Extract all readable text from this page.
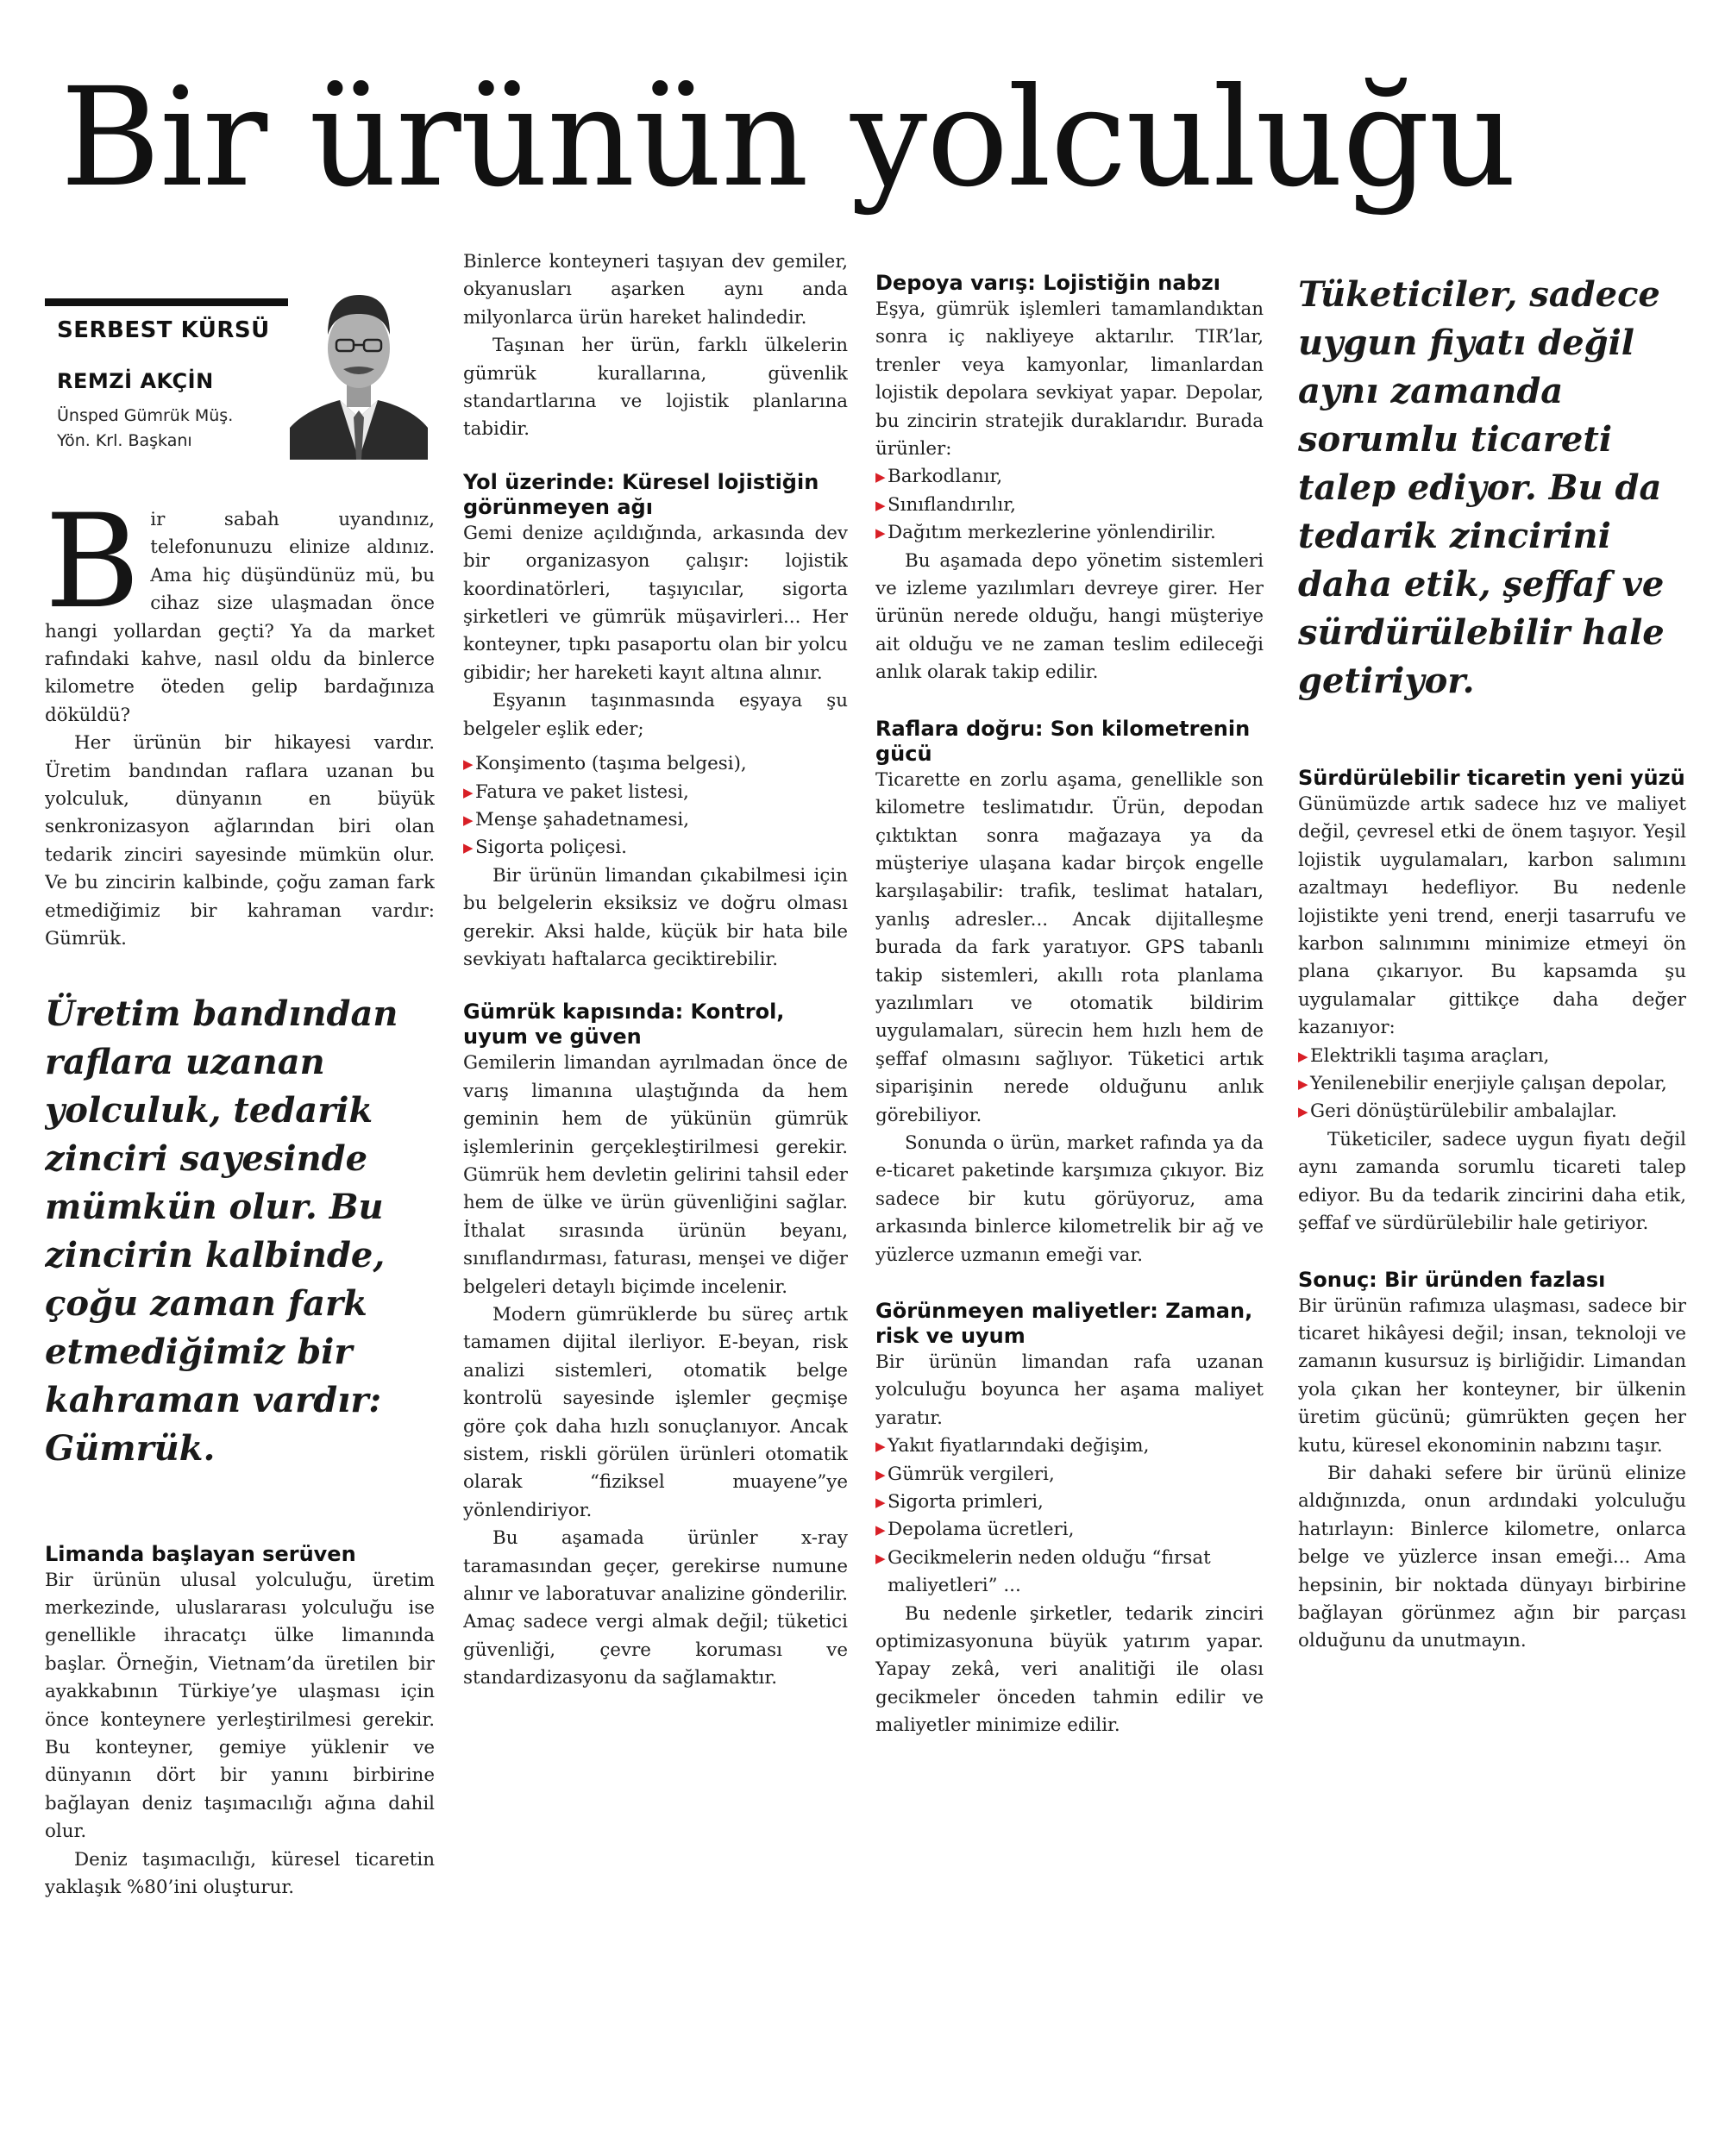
Bir ürünün yolculuğu
SERBEST KÜRSÜ
REMZİ AKÇİN
Ünsped Gümrük Müş.
Yön. Krl. Başkanı

Bir sabah uyandınız, telefonunuzu elinize aldınız. Ama hiç düşündünüz mü, bu cihaz size ulaşmadan önce hangi yollardan geçti? Ya da market rafındaki kahve, nasıl oldu da binlerce kilometre öteden gelip bardağınıza döküldü?

Her ürünün bir hikayesi vardır. Üretim bandından raflara uzanan bu yolculuk, dünyanın en büyük senkronizasyon ağlarından biri olan tedarik zinciri sayesinde mümkün olur. Ve bu zincirin kalbinde, çoğu zaman fark etmediğimiz bir kahraman vardır: Gümrük.

Üretim bandından raflara uzanan yolculuk, tedarik zinciri sayesinde mümkün olur. Bu zincirin kalbinde, çoğu zaman fark etmediğimiz bir kahraman vardır: Gümrük.
Limanda başlayan serüven

Bir ürünün ulusal yolculuğu, üretim merkezinde, uluslararası yolculuğu ise genellikle ihracatçı ülke limanında başlar. Örneğin, Vietnam’da üretilen bir ayakkabının Türkiye’ye ulaşması için önce konteynere yerleştirilmesi gerekir. Bu konteyner, gemiye yüklenir ve dünyanın dört bir yanını birbirine bağlayan deniz taşımacılığı ağına dahil olur.

Deniz taşımacılığı, küresel ticaretin yaklaşık %80’ini oluşturur.

Binlerce konteyneri taşıyan dev gemiler, okyanusları aşarken aynı anda milyonlarca ürün hareket halindedir.

Taşınan her ürün, farklı ülkelerin gümrük kurallarına, güvenlik standartlarına ve lojistik planlarına tabidir.

Yol üzerinde: Küresel lojistiğin görünmeyen ağı

Gemi denize açıldığında, arkasında dev bir organizasyon çalışır: lojistik koordinatörleri, taşıyıcılar, sigorta şirketleri ve gümrük müşavirleri... Her konteyner, tıpkı pasaportu olan bir yolcu gibidir; her hareketi kayıt altına alınır.

Eşyanın taşınmasında eşyaya şu belgeler eşlik eder;

▶ Konşimento (taşıma belgesi),
▶ Fatura ve paket listesi,
▶ Menşe şahadetnamesi,
▶ Sigorta poliçesi.

Bir ürünün limandan çıkabilmesi için bu belgelerin eksiksiz ve doğru olması gerekir. Aksi halde, küçük bir hata bile sevkiyatı haftalarca geciktirebilir.

Gümrük kapısında: Kontrol, uyum ve güven

Gemilerin limandan ayrılmadan önce de varış limanına ulaştığında da hem geminin hem de yükünün gümrük işlemlerinin gerçekleştirilmesi gerekir. Gümrük hem devletin gelirini tahsil eder hem de ülke ve ürün güvenliğini sağlar. İthalat sırasında ürünün beyanı, sınıflandırması, faturası, menşei ve diğer belgeleri detaylı biçimde incelenir.

Modern gümrüklerde bu süreç artık tamamen dijital ilerliyor. E-beyan, risk analizi sistemleri, otomatik belge kontrolü sayesinde işlemler geçmişe göre çok daha hızlı sonuçlanıyor. Ancak sistem, riskli görülen ürünleri otomatik olarak “fiziksel muayene”ye yönlendiriyor.

Bu aşamada ürünler x-ray taramasından geçer, gerekirse numune alınır ve laboratuvar analizine gönderilir. Amaç sadece vergi almak değil; tüketici güvenliği, çevre koruması ve standardizasyonu da sağlamaktır.

Depoya varış: Lojistiğin nabzı

Eşya, gümrük işlemleri tamamlandıktan sonra iç nakliyeye aktarılır. TIR’lar, trenler veya kamyonlar, limanlardan lojistik depolara sevkiyat yapar. Depolar, bu zincirin stratejik duraklarıdır. Burada ürünler:

▶ Barkodlanır,
▶ Sınıflandırılır,
▶ Dağıtım merkezlerine yönlendirilir.

Bu aşamada depo yönetim sistemleri ve izleme yazılımları devreye girer. Her ürünün nerede olduğu, hangi müşteriye ait olduğu ve ne zaman teslim edileceği anlık olarak takip edilir.

Raflara doğru: Son kilometrenin gücü

Ticarette en zorlu aşama, genellikle son kilometre teslimatıdır. Ürün, depodan çıktıktan sonra mağazaya ya da müşteriye ulaşana kadar birçok engelle karşılaşabilir: trafik, teslimat hataları, yanlış adresler... Ancak dijitalleşme burada da fark yaratıyor. GPS tabanlı takip sistemleri, akıllı rota planlama yazılımları ve otomatik bildirim uygulamaları, sürecin hem hızlı hem de şeffaf olmasını sağlıyor. Tüketici artık siparişinin nerede olduğunu anlık görebiliyor.

Sonunda o ürün, market rafında ya da e-ticaret paketinde karşımıza çıkıyor. Biz sadece bir kutu görüyoruz, ama arkasında binlerce kilometrelik bir ağ ve yüzlerce uzmanın emeği var.

Görünmeyen maliyetler: Zaman, risk ve uyum

Bir ürünün limandan rafa uzanan yolculuğu boyunca her aşama maliyet yaratır.

▶ Yakıt fiyatlarındaki değişim,
▶ Gümrük vergileri,
▶ Sigorta primleri,
▶ Depolama ücretleri,
▶ Gecikmelerin neden olduğu “fırsat maliyetleri” ...

Bu nedenle şirketler, tedarik zinciri optimizasyonuna büyük yatırım yapar. Yapay zekâ, veri analitiği ile olası gecikmeler önceden tahmin edilir ve maliyetler minimize edilir.

Tüketiciler, sadece uygun fiyatı değil aynı zamanda sorumlu ticareti talep ediyor. Bu da tedarik zincirini daha etik, şeffaf ve sürdürülebilir hale getiriyor.
Sürdürülebilir ticaretin yeni yüzü

Günümüzde artık sadece hız ve maliyet değil, çevresel etki de önem taşıyor. Yeşil lojistik uygulamaları, karbon salımını azaltmayı hedefliyor. Bu nedenle lojistikte yeni trend, enerji tasarrufu ve karbon salınımını minimize etmeyi ön plana çıkarıyor. Bu kapsamda şu uygulamalar gittikçe daha değer kazanıyor:

▶ Elektrikli taşıma araçları,
▶ Yenilenebilir enerjiyle çalışan depolar,
▶ Geri dönüştürülebilir ambalajlar.

Tüketiciler, sadece uygun fiyatı değil aynı zamanda sorumlu ticareti talep ediyor. Bu da tedarik zincirini daha etik, şeffaf ve sürdürülebilir hale getiriyor.

Sonuç: Bir üründen fazlası

Bir ürünün rafımıza ulaşması, sadece bir ticaret hikâyesi değil; insan, teknoloji ve zamanın kusursuz iş birliğidir. Limandan yola çıkan her konteyner, bir ülkenin üretim gücünü; gümrükten geçen her kutu, küresel ekonominin nabzını taşır.

Bir dahaki sefere bir ürünü elinize aldığınızda, onun ardındaki yolculuğu hatırlayın: Binlerce kilometre, onlarca belge ve yüzlerce insan emeği... Ama hepsinin, bir noktada dünyayı birbirine bağlayan görünmez ağın bir parçası olduğunu da unutmayın.
